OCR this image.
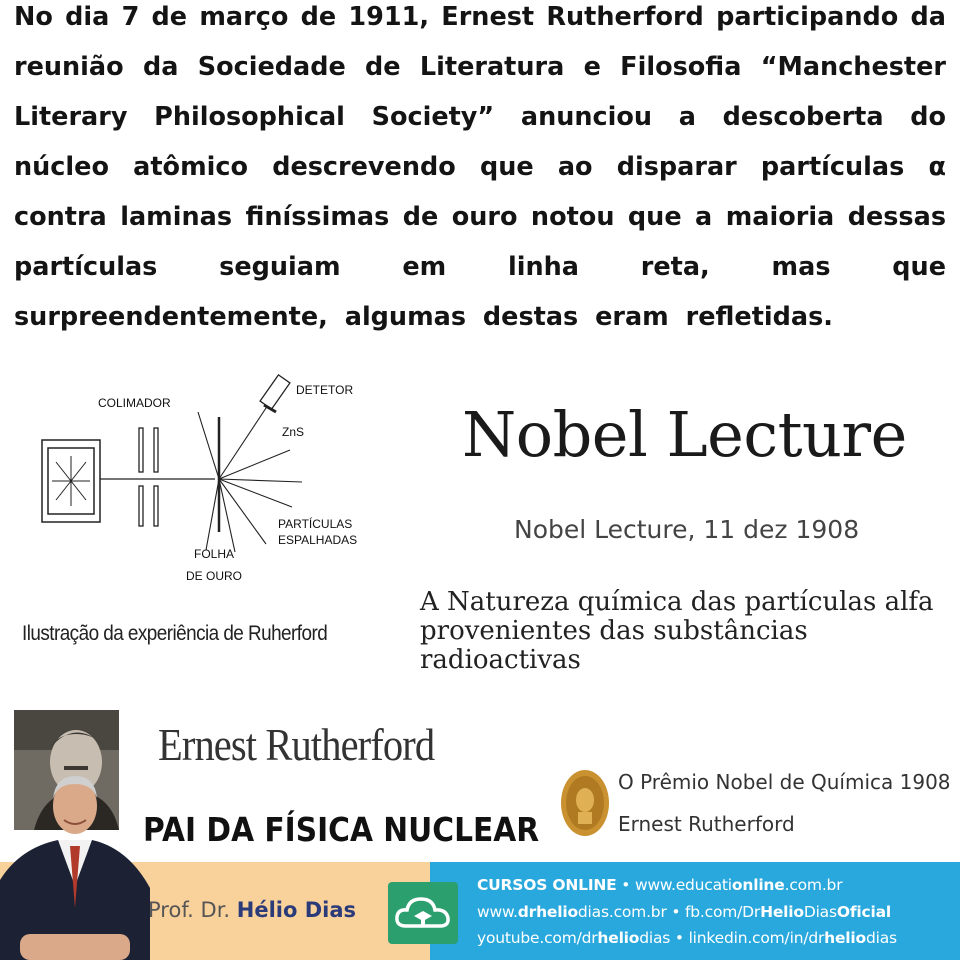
No dia 7 de março de 1911, Ernest Rutherford participando da
reunião da Sociedade de Literatura e Filosofia “Manchester
Literary Philosophical Society” anunciou a descoberta do
núcleo atômico descrevendo que ao disparar partículas α
contra laminas finíssimas de ouro notou que a maioria dessas
partículas seguiam em linha reta, mas que
surpreendentemente, algumas destas eram refletidas.
COLIMADOR
DETETOR
ZnS
PARTÍCULAS
ESPALHADAS
FOLHA
DE OURO
Ilustração da experiência de Ruherford
Nobel Lecture
Nobel Lecture, 11 dez 1908
A Natureza química das partículas alfa provenientes das substâncias radioactivas
Ernest Rutherford
PAI DA FÍSICA NUCLEAR
O Prêmio Nobel de Química 1908
Ernest Rutherford
Prof. Dr. Hélio Dias
CURSOS ONLINE • www.educationline.com.br
www.drheliodias.com.br • fb.com/DrHelioDiasOficial
youtube.com/drheliodias • linkedin.com/in/drheliodias
